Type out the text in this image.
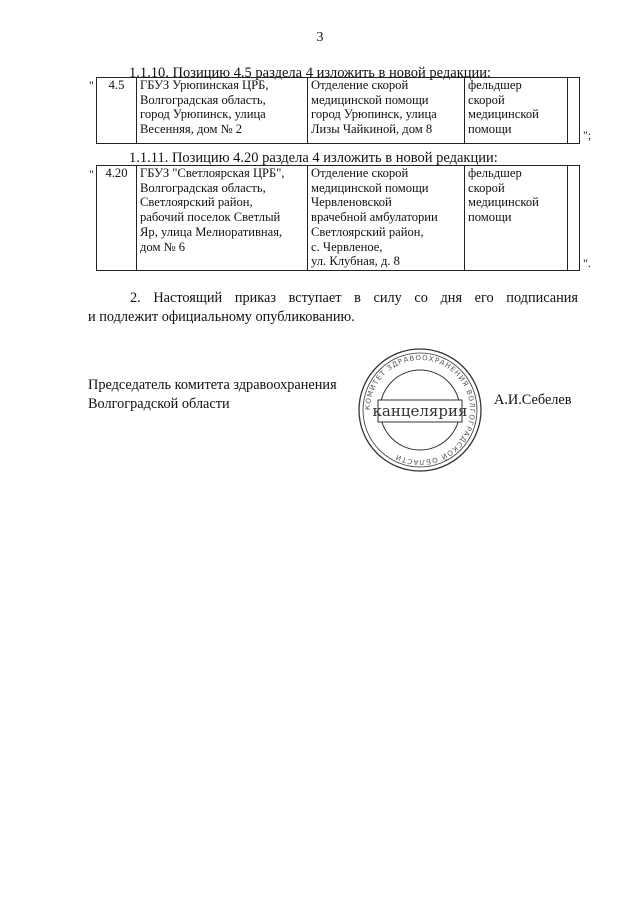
3
1.1.10. Позицию 4.5 раздела 4 изложить в новой редакции:
" 4.5	ГБУЗ Урюпинская ЦРБ,
Волгоградская область,
город Урюпинск, улица
Весенняя, дом № 2	Отделение скорой
медицинской помощи
город Урюпинск, улица
Лизы Чайкиной, дом 8	фельдшер
скорой
медицинской
помощи		";
1.1.11. Позицию 4.20 раздела 4 изложить в новой редакции:
" 4.20	ГБУЗ "Светлоярская ЦРБ",
Волгоградская область,
Светлоярский район,
рабочий поселок Светлый
Яр, улица Мелиоративная,
дом № 6	Отделение скорой
медицинской помощи
Червленовской
врачебной амбулатории
Светлоярский район,
с. Червленое,
ул. Клубная, д. 8	фельдшер
скорой
медицинской
помощи	
".
2. Настоящий приказ вступает в силу со дня его подписания
и подлежит официальному опубликованию.
Председатель комитета здравоохранения
Волгоградской области	А.И.Себелев
КОМИТЕТ ЗДРАВООХРАНЕНИЯ ВОЛГОГРАДСКОЙ ОБЛАСТИ
канцелярия
